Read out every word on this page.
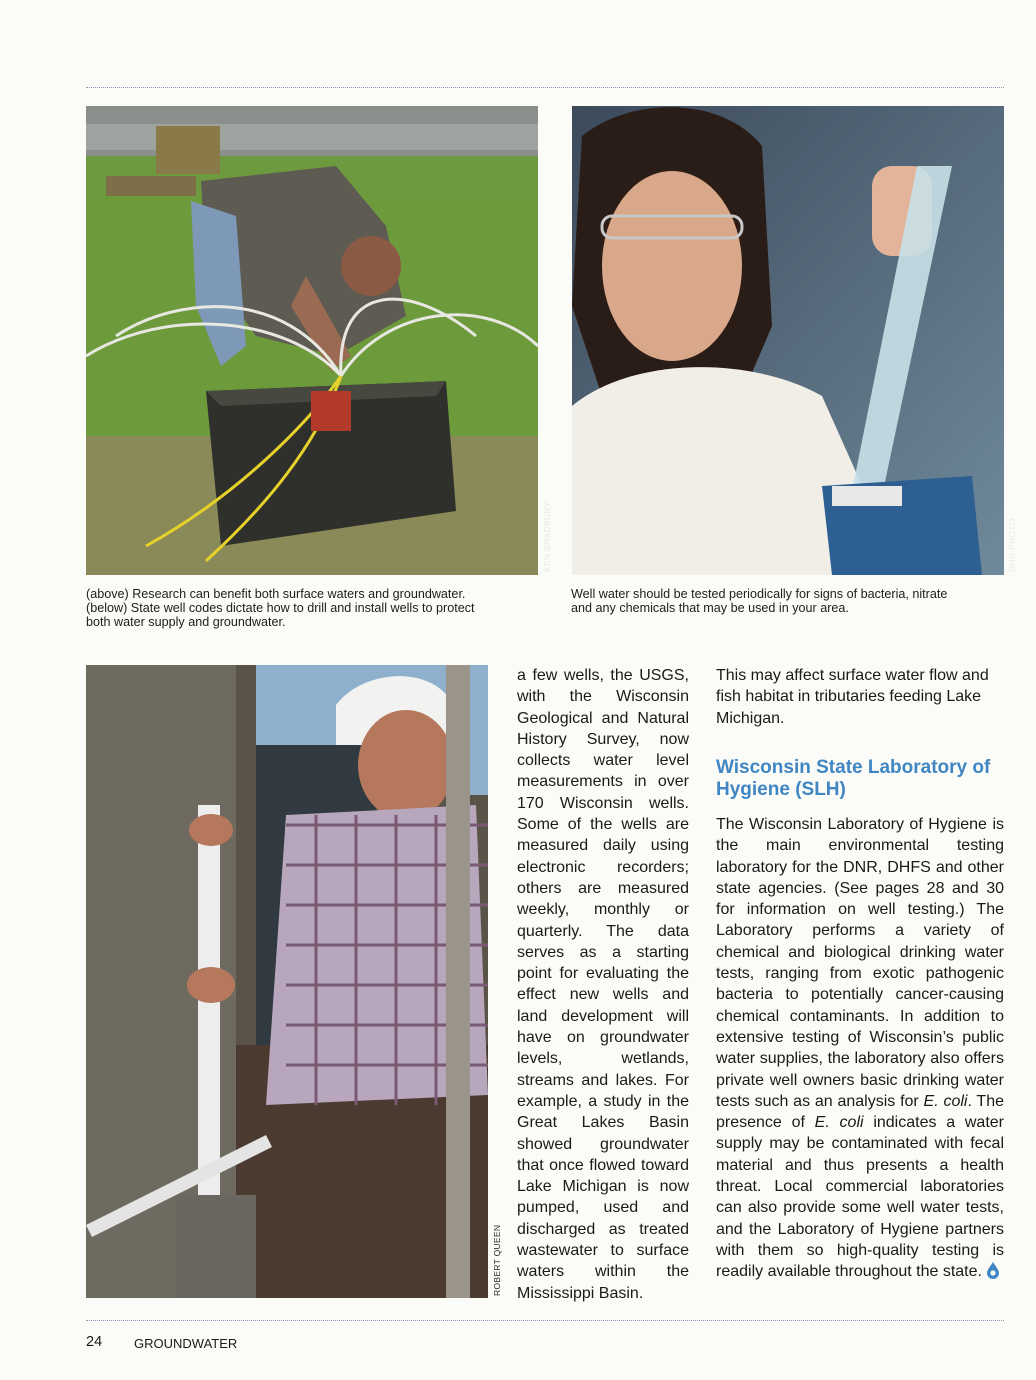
KEN BRADBURY	DNR PHOTO
(above) Research can benefit both surface waters and groundwater.
(below) State well codes dictate how to drill and install wells to protect
both water supply and groundwater.
Well water should be tested periodically for signs of bacteria, nitrate
and any chemicals that may be used in your area.
ROBERT QUEEN

a few wells, the USGS, with the Wisconsin Geological and Natural History Survey, now collects water level measurements in over 170 Wisconsin wells. Some of the wells are measured daily using electronic recorders; others are measured weekly, monthly or quarterly. The data serves as a starting point for evaluating the effect new wells and land development will have on groundwater levels, wetlands, streams and lakes. For example, a study in the Great Lakes Basin showed groundwater that once flowed toward Lake Michigan is now pumped, used and discharged as treated wastewater to surface waters within the Mississippi Basin.

This may affect surface water flow and fish habitat in tributaries feeding Lake Michigan.

Wisconsin State Laboratory of Hygiene (SLH)

The Wisconsin Laboratory of Hygiene is the main environmental testing laboratory for the DNR, DHFS and other state agencies. (See pages 28 and 30 for information on well testing.) The Laboratory performs a variety of chemical and biological drinking water tests, ranging from exotic pathogenic bacteria to potentially cancer-causing chemical contaminants. In addition to extensive testing of Wisconsin’s public water supplies, the laboratory also offers private well owners basic drinking water tests such as an analysis for E. coli. The presence of E. coli indicates a water supply may be contaminated with fecal material and thus presents a health threat. Local commercial laboratories can also provide some well water tests, and the Laboratory of Hygiene partners with them so high-quality testing is readily available throughout the state.

24 GROUNDWATER
